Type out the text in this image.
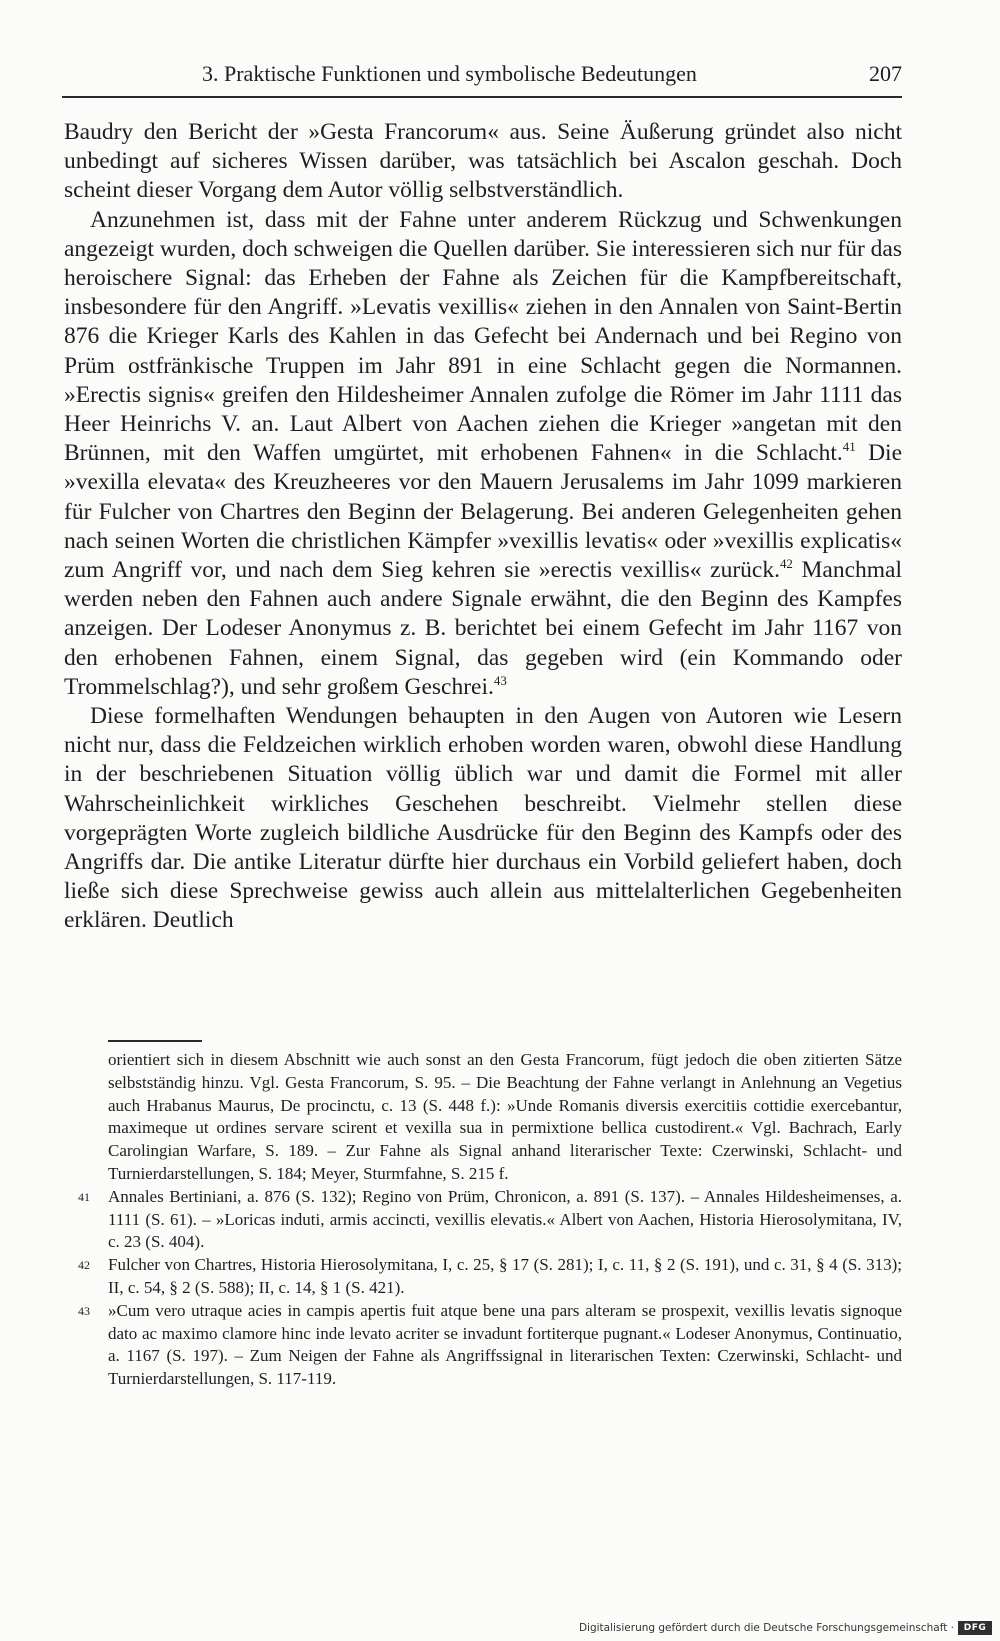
3. Praktische Funktionen und symbolische Bedeutungen	207

Baudry den Bericht der »Gesta Francorum« aus. Seine Äußerung gründet also nicht unbedingt auf sicheres Wissen darüber, was tatsächlich bei Ascalon geschah. Doch scheint dieser Vorgang dem Autor völlig selbstverständlich.

Anzunehmen ist, dass mit der Fahne unter anderem Rückzug und Schwenkungen angezeigt wurden, doch schweigen die Quellen darüber. Sie interessieren sich nur für das heroischere Signal: das Erheben der Fahne als Zeichen für die Kampfbereitschaft, insbesondere für den Angriff. »Levatis vexillis« ziehen in den Annalen von Saint-Bertin 876 die Krieger Karls des Kahlen in das Gefecht bei Andernach und bei Regino von Prüm ostfränkische Truppen im Jahr 891 in eine Schlacht gegen die Normannen. »Erectis signis« greifen den Hildesheimer Annalen zufolge die Römer im Jahr 1111 das Heer Heinrichs V. an. Laut Albert von Aachen ziehen die Krieger »angetan mit den Brünnen, mit den Waffen umgürtet, mit erhobenen Fahnen« in die Schlacht.$^{41}$ Die »vexilla elevata« des Kreuzheeres vor den Mauern Jerusalems im Jahr 1099 markieren für Fulcher von Chartres den Beginn der Belagerung. Bei anderen Gelegenheiten gehen nach seinen Worten die christlichen Kämpfer »vexillis levatis« oder »vexillis explicatis« zum Angriff vor, und nach dem Sieg kehren sie »erectis vexillis« zurück.$^{42}$ Manchmal werden neben den Fahnen auch andere Signale erwähnt, die den Beginn des Kampfes anzeigen. Der Lodeser Anonymus z. B. berichtet bei einem Gefecht im Jahr 1167 von den erhobenen Fahnen, einem Signal, das gegeben wird (ein Kommando oder Trommelschlag?), und sehr großem Geschrei.$^{43}$

Diese formelhaften Wendungen behaupten in den Augen von Autoren wie Lesern nicht nur, dass die Feldzeichen wirklich erhoben worden waren, obwohl diese Handlung in der beschriebenen Situation völlig üblich war und damit die Formel mit aller Wahrscheinlichkeit wirkliches Geschehen beschreibt. Vielmehr stellen diese vorgeprägten Worte zugleich bildliche Ausdrücke für den Beginn des Kampfs oder des Angriffs dar. Die antike Literatur dürfte hier durchaus ein Vorbild geliefert haben, doch ließe sich diese Sprechweise gewiss auch allein aus mittelalterlichen Gegebenheiten erklären. Deutlich

orientiert sich in diesem Abschnitt wie auch sonst an den Gesta Francorum, fügt jedoch die oben zitierten Sätze selbstständig hinzu. Vgl. Gesta Francorum, S. 95. – Die Beachtung der Fahne verlangt in Anlehnung an Vegetius auch Hrabanus Maurus, De procinctu, c. 13 (S. 448 f.): »Unde Romanis diversis exercitiis cottidie exercebantur, maximeque ut ordines servare scirent et vexilla sua in permixtione bellica custodirent.« Vgl. Bachrach, Early Carolingian Warfare, S. 189. – Zur Fahne als Signal anhand literarischer Texte: Czerwinski, Schlacht- und Turnierdarstellungen, S. 184; Meyer, Sturmfahne, S. 215 f.
41	Annales Bertiniani, a. 876 (S. 132); Regino von Prüm, Chronicon, a. 891 (S. 137). – Annales Hildesheimenses, a. 1111 (S. 61). – »Loricas induti, armis accincti, vexillis elevatis.« Albert von Aachen, Historia Hierosolymitana, IV, c. 23 (S. 404).
42	Fulcher von Chartres, Historia Hierosolymitana, I, c. 25, § 17 (S. 281); I, c. 11, § 2 (S. 191), und c. 31, § 4 (S. 313); II, c. 54, § 2 (S. 588); II, c. 14, § 1 (S. 421).
43	»Cum vero utraque acies in campis apertis fuit atque bene una pars alteram se prospexit, vexillis levatis signoque dato ac maximo clamore hinc inde levato acriter se invadunt fortiterque pugnant.« Lodeser Anonymus, Continuatio, a. 1167 (S. 197). – Zum Neigen der Fahne als Angriffssignal in literarischen Texten: Czerwinski, Schlacht- und Turnierdarstellungen, S. 117-119.
Digitalisierung gefördert durch die Deutsche Forschungsgemeinschaft ·	DFG
